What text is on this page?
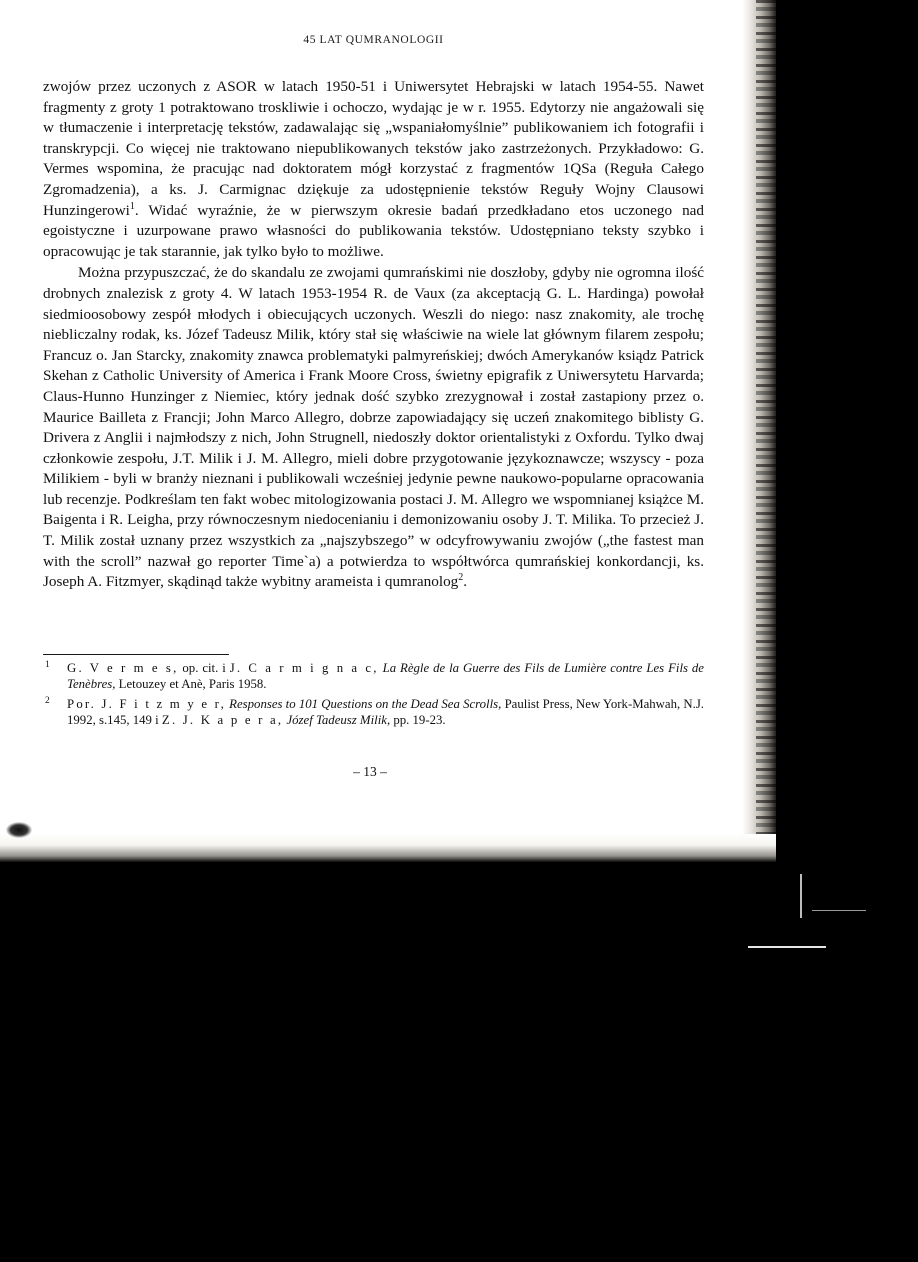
45 LAT QUMRANOLOGII

zwojów przez uczonych z ASOR w latach 1950-51 i Uniwersytet Hebrajski w latach 1954-55. Nawet fragmenty z groty 1 potraktowano troskliwie i ochoczo, wydając je w r. 1955. Edytorzy nie angażowali się w tłumaczenie i interpretację tekstów, zadawalając się „wspaniałomyślnie” publikowaniem ich fotografii i transkrypcji. Co więcej nie traktowano niepublikowanych tekstów jako zastrzeżonych. Przykładowo: G. Vermes wspomina, że pracując nad doktoratem mógł korzystać z fragmentów 1QSa (Reguła Całego Zgromadzenia), a ks. J. Carmignac dziękuje za udostępnienie tekstów Reguły Wojny Clausowi Hunzingerowi$^1$. Widać wyraźnie, że w pierwszym okresie badań przedkładano etos uczonego nad egoistyczne i uzurpowane prawo własności do publikowania tekstów. Udostępniano teksty szybko i opracowując je tak starannie, jak tylko było to możliwe.

Można przypuszczać, że do skandalu ze zwojami qumrańskimi nie doszłoby, gdyby nie ogromna ilość drobnych znalezisk z groty 4. W latach 1953-1954 R. de Vaux (za akceptacją G. L. Hardinga) powołał siedmioosobowy zespół młodych i obiecujących uczonych. Weszli do niego: nasz znakomity, ale trochę niebliczalny rodak, ks. Józef Tadeusz Milik, który stał się właściwie na wiele lat głównym filarem zespołu; Francuz o. Jan Starcky, znakomity znawca problematyki palmyreńskiej; dwóch Amerykanów ksiądz Patrick Skehan z Catholic University of America i Frank Moore Cross, świetny epigrafik z Uniwersytetu Harvarda; Claus-Hunno Hunzinger z Niemiec, który jednak dość szybko zrezygnował i został zastapiony przez o. Maurice Bailleta z Francji; John Marco Allegro, dobrze zapowiadający się uczeń znakomitego biblisty G. Drivera z Anglii i najmłodszy z nich, John Strugnell, niedoszły doktor orientalistyki z Oxfordu. Tylko dwaj członkowie zespołu, J.T. Milik i J. M. Allegro, mieli dobre przygotowanie językoznawcze; wszyscy - poza Milikiem - byli w branży nieznani i publikowali wcześniej jedynie pewne naukowo-popularne opracowania lub recenzje. Podkreślam ten fakt wobec mitologizowania postaci J. M. Allegro we wspomnianej książce M. Baigenta i R. Leigha, przy równoczesnym niedocenianiu i demonizowaniu osoby J. T. Milika. To przecież J. T. Milik został uznany przez wszystkich za „najszybszego” w odcyfrowywaniu zwojów („the fastest man with the scroll” nazwał go reporter Time`a) a potwierdza to współtwórca qumrańskiej konkordancji, ks. Joseph A. Fitzmyer, skądinąd także wybitny arameista i qumranolog$^2$.

1 G. V e r m e s, op. cit. i J. C a r m i g n a c, La Règle de la Guerre des Fils de Lumière contre Les Fils de Tenèbres, Letouzey et Anè, Paris 1958.
2 Por. J. F i t z m y e r, Responses to 101 Questions on the Dead Sea Scrolls, Paulist Press, New York-Mahwah, N.J. 1992, s.145, 149 i Z. J. K a p e r a, Józef Tadeusz Milik, pp. 19-23.
– 13 –
